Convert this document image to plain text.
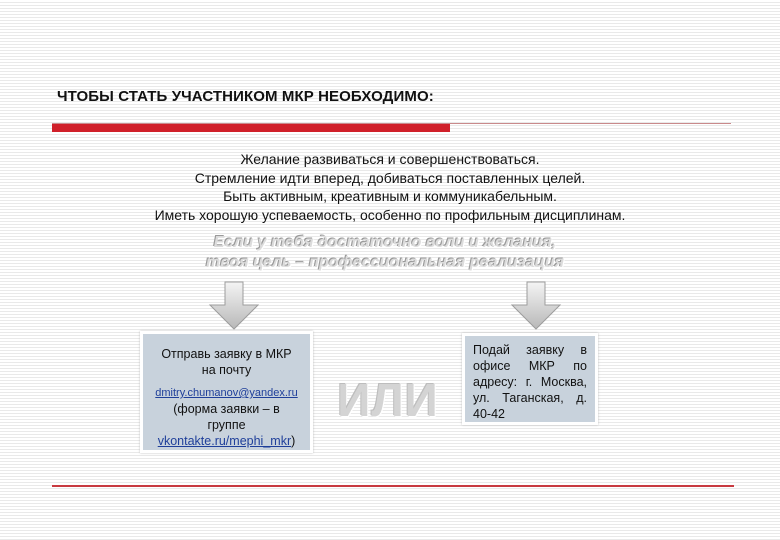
ЧТОБЫ СТАТЬ УЧАСТНИКОМ МКР НЕОБХОДИМО:
Желание развиваться и совершенствоваться.
Стремление идти вперед, добиваться поставленных целей.
Быть активным, креативным и коммуникабельным.
Иметь хорошую успеваемость, особенно по профильным дисциплинам.
Если у тебя достаточно воли и желания,
твоя цель – профессиональная реализация
Отправь заявку в МКР
на почту
dmitry.chumanov@yandex.ru
(форма заявки – в
группе
vkontakte.ru/mephi_mkr)
ИЛИ
Подай заявку в офисе МКР по адресу: г. Москва, ул. Таганская, д. 40-42
